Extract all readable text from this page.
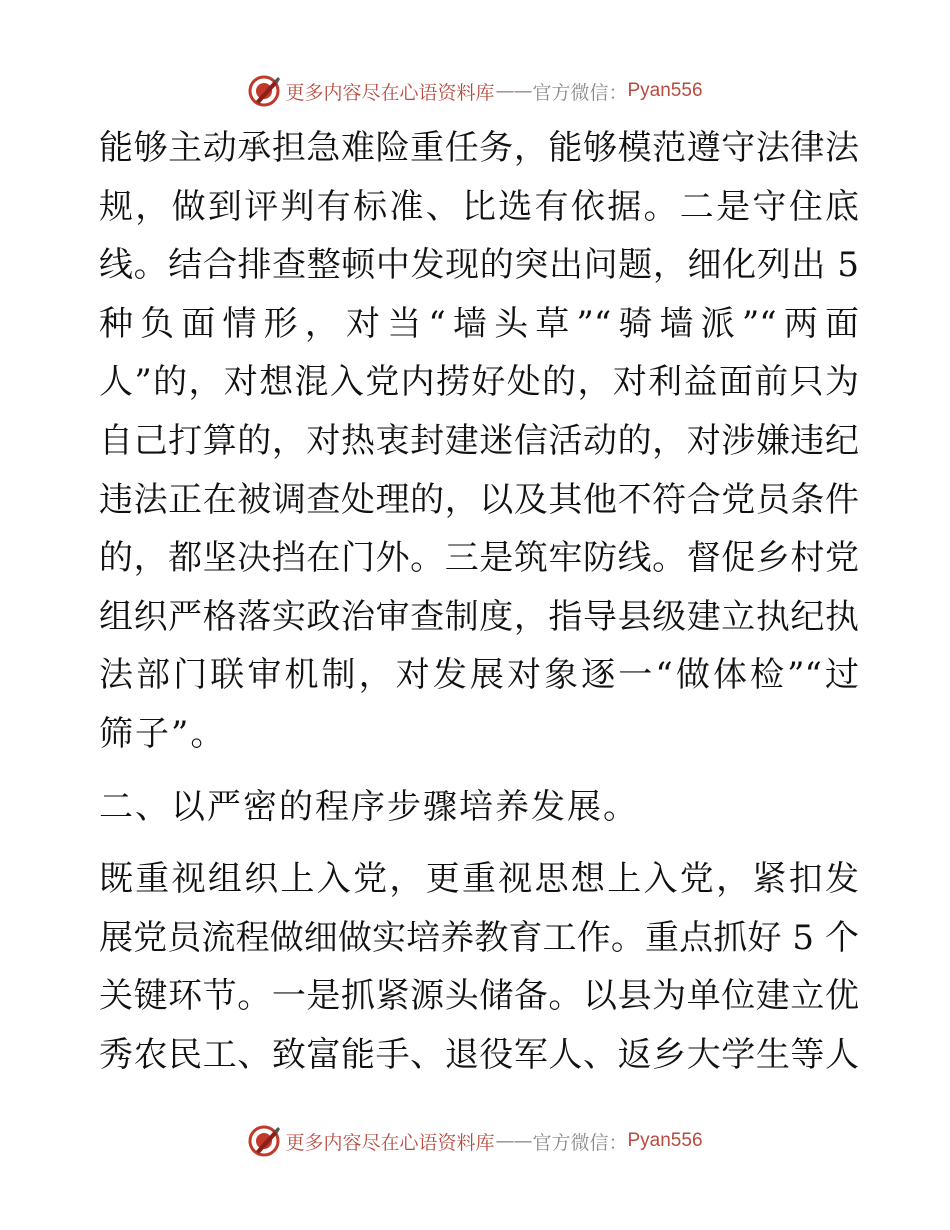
更多内容尽在心语资料库 —— 官方微信： Pyan556
能够主动承担急难险重任务，能够模范遵守法律法
规，做到评判有标准、比选有依据。二是守住底
线。结合排查整顿中发现的突出问题，细化列出 5
种负面情形，对当“墙头草”“骑墙派”“两面
人”的，对想混入党内捞好处的，对利益面前只为
自己打算的，对热衷封建迷信活动的，对涉嫌违纪
违法正在被调查处理的，以及其他不符合党员条件
的，都坚决挡在门外。三是筑牢防线。督促乡村党
组织严格落实政治审查制度，指导县级建立执纪执
法部门联审机制，对发展对象逐一“做体检”“过
筛子”。
二、以严密的程序步骤培养发展。
既重视组织上入党，更重视思想上入党，紧扣发
展党员流程做细做实培养教育工作。重点抓好 5 个
关键环节。一是抓紧源头储备。以县为单位建立优
秀农民工、致富能手、退役军人、返乡大学生等人
更多内容尽在心语资料库 —— 官方微信： Pyan556
